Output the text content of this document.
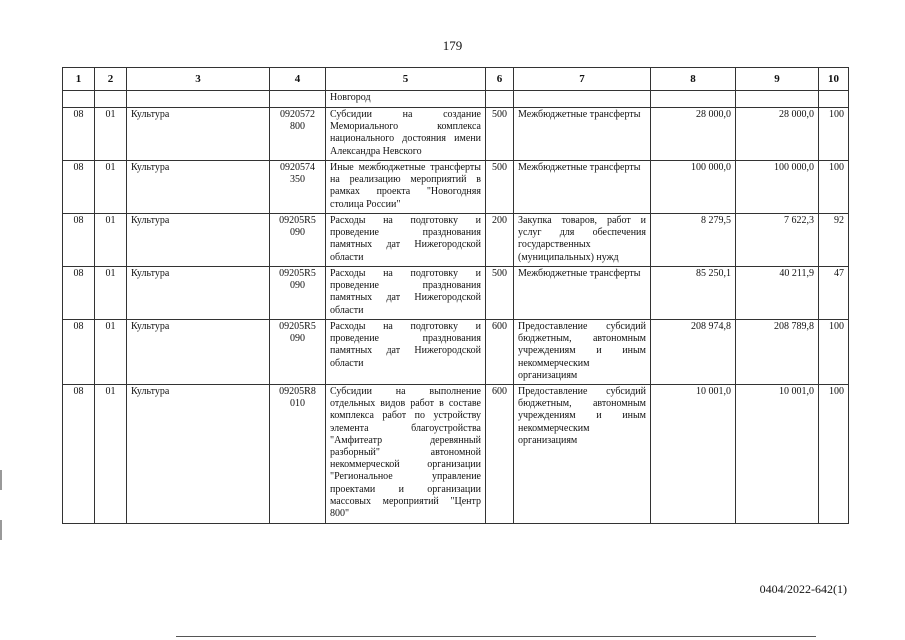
179
1	2	3	4	5	6	7	8	9	10
				Новгород					
08	01	Культура	0920572 800	Субсидии на создание Мемориального комплекса национального достояния имени Александра Невского	500	Межбюджетные трансферты	28 000,0	28 000,0	100
08	01	Культура	0920574 350	Иные межбюджетные трансферты на реализацию мероприятий в рамках проекта "Новогодняя столица России"	500	Межбюджетные трансферты	100 000,0	100 000,0	100
08	01	Культура	09205R5 090	Расходы на подготовку и проведение празднования памятных дат Нижегородской области	200	Закупка товаров, работ и услуг для обеспечения государственных (муниципальных) нужд	8 279,5	7 622,3	92
08	01	Культура	09205R5 090	Расходы на подготовку и проведение празднования памятных дат Нижегородской области	500	Межбюджетные трансферты	85 250,1	40 211,9	47
08	01	Культура	09205R5 090	Расходы на подготовку и проведение празднования памятных дат Нижегородской области	600	Предоставление субсидий бюджетным, автономным учреждениям и иным некоммерческим организациям	208 974,8	208 789,8	100
08	01	Культура	09205R8 010	Субсидии на выполнение отдельных видов работ в составе комплекса работ по устройству элемента благоустройства "Амфитеатр деревянный разборный" автономной некоммерческой организации "Региональное управление проектами и организации массовых мероприятий "Центр 800"	600	Предоставление субсидий бюджетным, автономным учреждениям и иным некоммерческим организациям	10 001,0	10 001,0	100
0404/2022-642(1)
